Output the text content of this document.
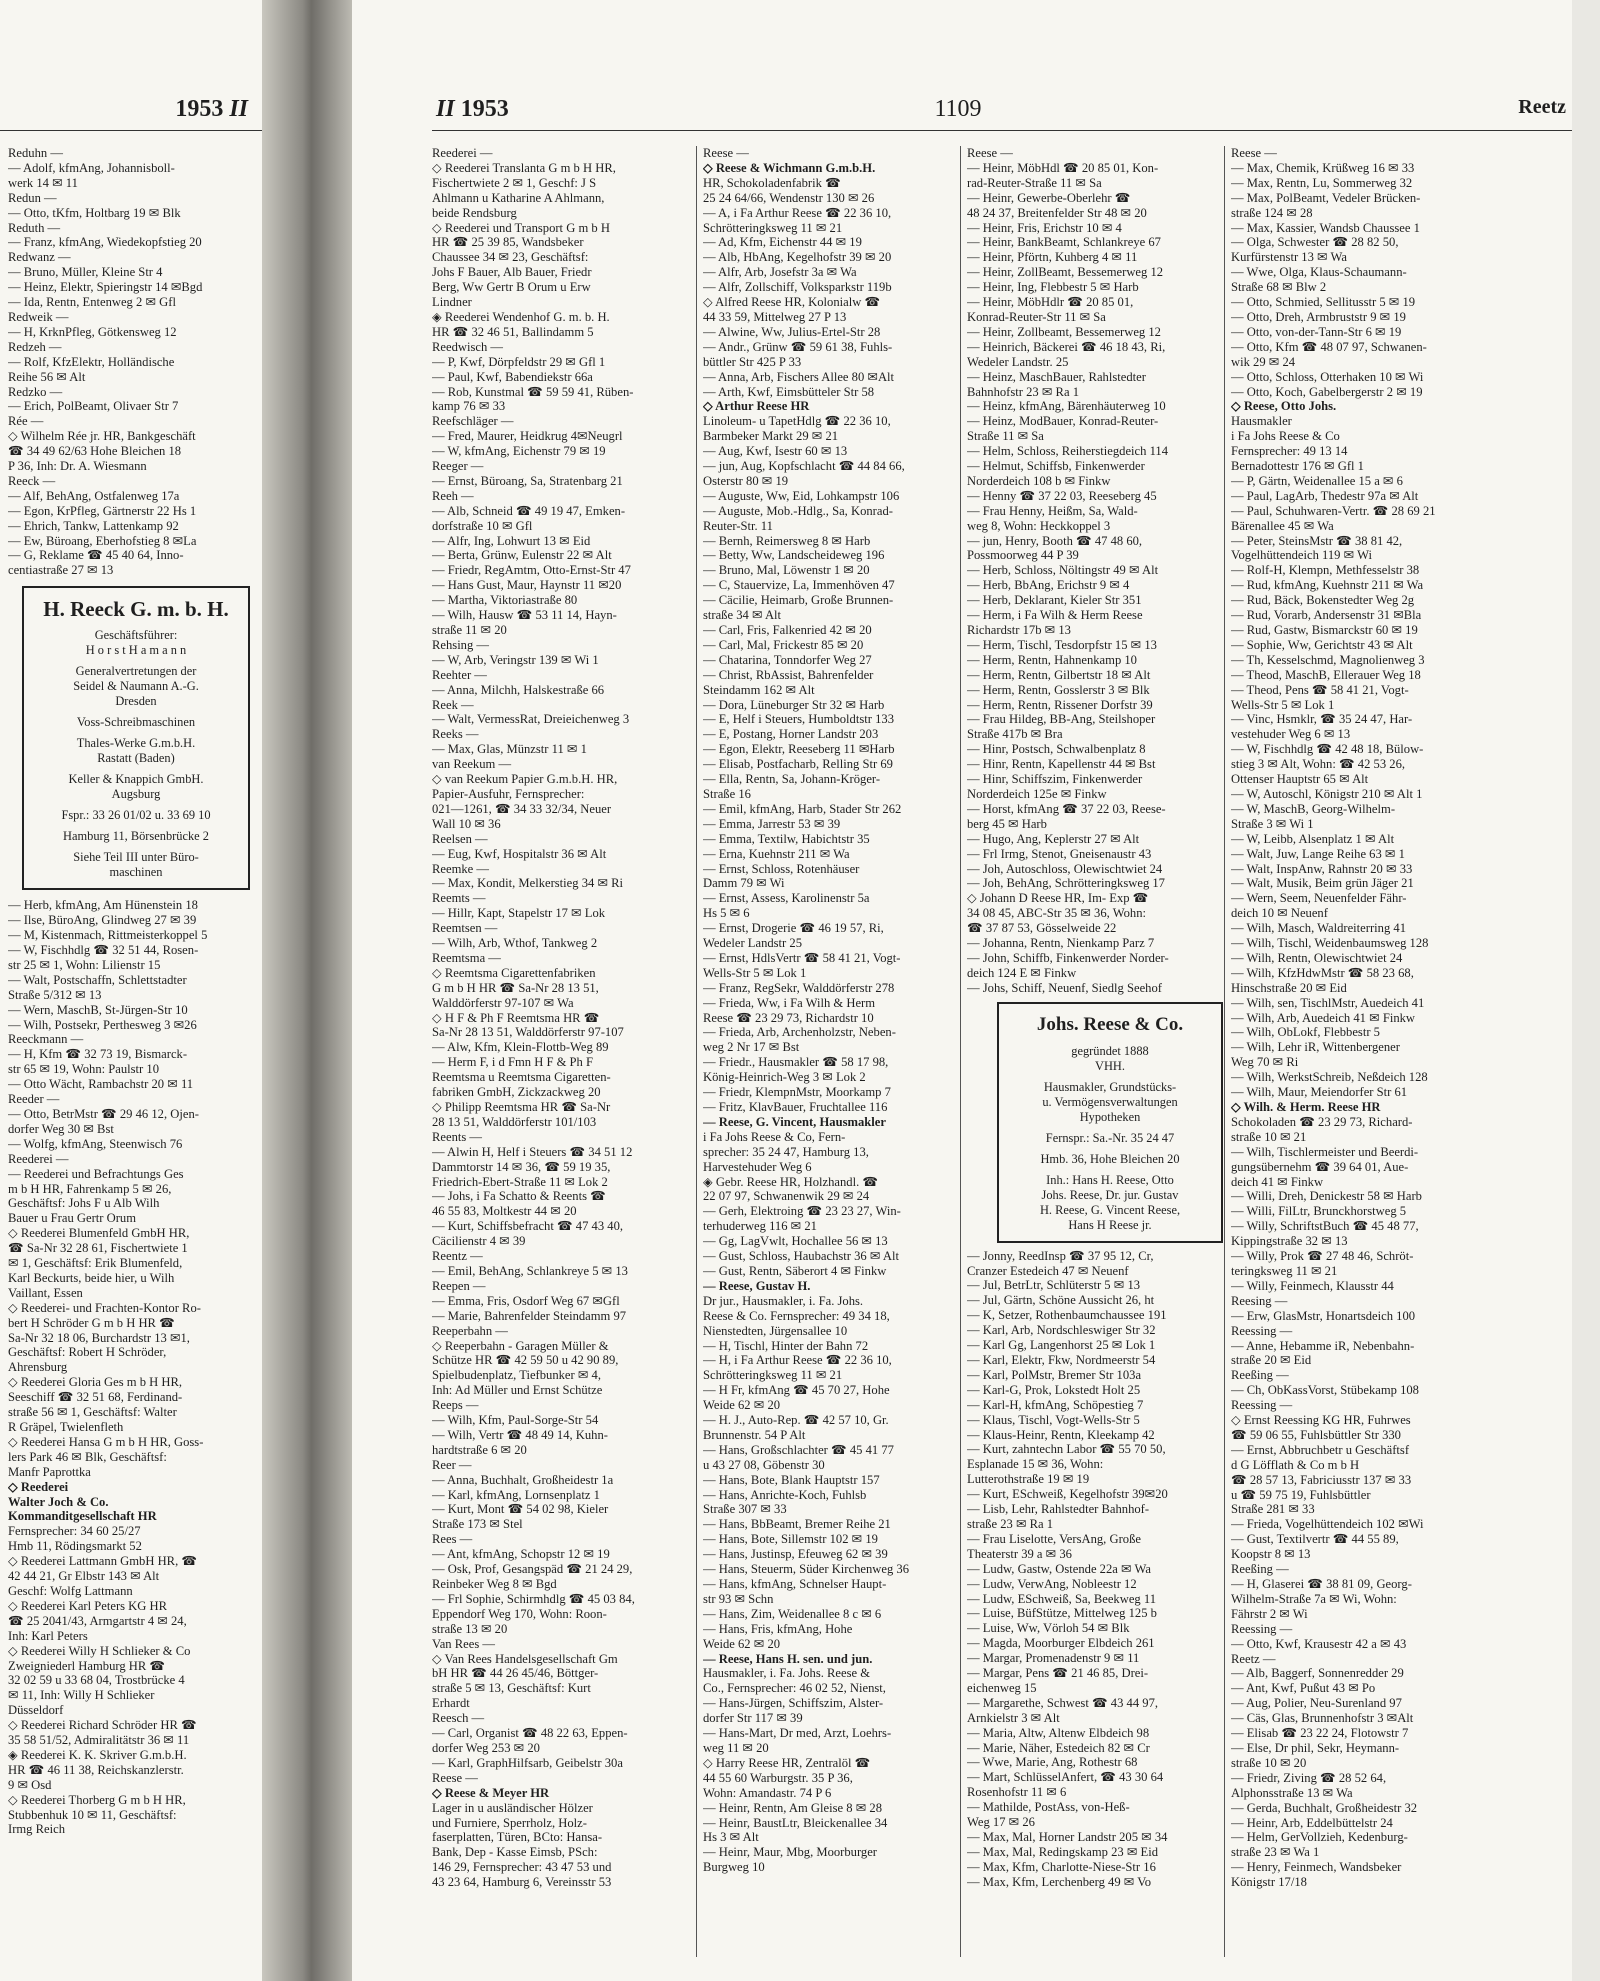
1953 II
Reduhn —
— Adolf, kfmAng, Johannisboll-
werk 14 ✉ 11
Redun —
— Otto, tKfm, Holtbarg 19 ✉ Blk
Reduth —
— Franz, kfmAng, Wiedekopfstieg 20
Redwanz —
— Bruno, Müller, Kleine Str 4
— Heinz, Elektr, Spieringstr 14 ✉Bgd
— Ida, Rentn, Entenweg 2 ✉ Gfl
Redweik —
— H, KrknPfleg, Götkensweg 12
Redzeh —
— Rolf, KfzElektr, Holländische
Reihe 56 ✉ Alt
Redzko —
— Erich, PolBeamt, Olivaer Str 7
Rée —
◇ Wilhelm Rée jr. HR, Bankgeschäft
☎ 34 49 62/63 Hohe Bleichen 18
P 36, Inh: Dr. A. Wiesmann
Reeck —
— Alf, BehAng, Ostfalenweg 17a
— Egon, KrPfleg, Gärtnerstr 22 Hs 1
— Ehrich, Tankw, Lattenkamp 92
— Ew, Büroang, Eberhofstieg 8 ✉La
— G, Reklame ☎ 45 40 64, Inno-
centiastraße 27 ✉ 13
H. Reeck G. m. b. H.
Geschäftsführer:
H o r s t H a m a n n
Generalvertretungen der
Seidel & Naumann A.-G.
Dresden
Voss-Schreibmaschinen
Thales-Werke G.m.b.H.
Rastatt (Baden)
Keller & Knappich GmbH.
Augsburg
Fspr.: 33 26 01/02 u. 33 69 10
Hamburg 11, Börsenbrücke 2
Siehe Teil III unter Büro-
maschinen
— Herb, kfmAng, Am Hünenstein 18
— Ilse, BüroAng, Glindweg 27 ✉ 39
— M, Kistenmach, Rittmeisterkoppel 5
— W, Fischhdlg ☎ 32 51 44, Rosen-
str 25 ✉ 1, Wohn: Lilienstr 15
— Walt, Postschaffn, Schlettstadter
Straße 5/312 ✉ 13
— Wern, MaschB, St-Jürgen-Str 10
— Wilh, Postsekr, Perthesweg 3 ✉26
Reeckmann —
— H, Kfm ☎ 32 73 19, Bismarck-
str 65 ✉ 19, Wohn: Paulstr 10
— Otto Wächt, Rambachstr 20 ✉ 11
Reeder —
— Otto, BetrMstr ☎ 29 46 12, Ojen-
dorfer Weg 30 ✉ Bst
— Wolfg, kfmAng, Steenwisch 76
Reederei —
— Reederei und Befrachtungs Ges
m b H HR, Fahrenkamp 5 ✉ 26,
Geschäftsf: Johs F u Alb Wilh
Bauer u Frau Gertr Orum
◇ Reederei Blumenfeld GmbH HR,
☎ Sa-Nr 32 28 61, Fischertwiete 1
✉ 1, Geschäftsf: Erik Blumenfeld,
Karl Beckurts, beide hier, u Wilh
Vaillant, Essen
◇ Reederei- und Frachten-Kontor Ro-
bert H Schröder G m b H HR ☎
Sa-Nr 32 18 06, Burchardstr 13 ✉1,
Geschäftsf: Robert H Schröder,
Ahrensburg
◇ Reederei Gloria Ges m b H HR,
Seeschiff ☎ 32 51 68, Ferdinand-
straße 56 ✉ 1, Geschäftsf: Walter
R Gräpel, Twielenfleth
◇ Reederei Hansa G m b H HR, Goss-
lers Park 46 ✉ Blk, Geschäftsf:
Manfr Paprottka
◇ Reederei
Walter Joch & Co.
Kommanditgesellschaft HR
Fernsprecher: 34 60 25/27
Hmb 11, Rödingsmarkt 52
◇ Reederei Lattmann GmbH HR, ☎
42 44 21, Gr Elbstr 143 ✉ Alt
Geschf: Wolfg Lattmann
◇ Reederei Karl Peters KG HR
☎ 25 2041/43, Armgartstr 4 ✉ 24,
Inh: Karl Peters
◇ Reederei Willy H Schlieker & Co
Zweigniederl Hamburg HR ☎
32 02 59 u 33 68 04, Trostbrücke 4
✉ 11, Inh: Willy H Schlieker
Düsseldorf
◇ Reederei Richard Schröder HR ☎
35 58 51/52, Admiralitätstr 36 ✉ 11
◈ Reederei K. K. Skriver G.m.b.H.
HR ☎ 46 11 38, Reichskanzlerstr.
9 ✉ Osd
◇ Reederei Thorberg G m b H HR,
Stubbenhuk 10 ✉ 11, Geschäftsf:
Irmg Reich
II 1953	1109	Reetz
Reederei —
◇ Reederei Translanta G m b H HR,
Fischertwiete 2 ✉ 1, Geschf: J S
Ahlmann u Katharine A Ahlmann,
beide Rendsburg
◇ Reederei und Transport G m b H
HR ☎ 25 39 85, Wandsbeker
Chaussee 34 ✉ 23, Geschäftsf:
Johs F Bauer, Alb Bauer, Friedr
Berg, Ww Gertr B Orum u Erw
Lindner
◈ Reederei Wendenhof G. m. b. H.
HR ☎ 32 46 51, Ballindamm 5
Reedwisch —
— P, Kwf, Dörpfeldstr 29 ✉ Gfl 1
— Paul, Kwf, Babendiekstr 66a
— Rob, Kunstmal ☎ 59 59 41, Rüben-
kamp 76 ✉ 33
Reefschläger —
— Fred, Maurer, Heidkrug 4✉Neugrl
— W, kfmAng, Eichenstr 79 ✉ 19
Reeger —
— Ernst, Büroang, Sa, Stratenbarg 21
Reeh —
— Alb, Schneid ☎ 49 19 47, Emken-
dorfstraße 10 ✉ Gfl
— Alfr, Ing, Lohwurt 13 ✉ Eid
— Berta, Grünw, Eulenstr 22 ✉ Alt
— Friedr, RegAmtm, Otto-Ernst-Str 47
— Hans Gust, Maur, Haynstr 11 ✉20
— Martha, Viktoriastraße 80
— Wilh, Hausw ☎ 53 11 14, Hayn-
straße 11 ✉ 20
Rehsing —
— W, Arb, Veringstr 139 ✉ Wi 1
Reehter —
— Anna, Milchh, Halskestraße 66
Reek —
— Walt, VermessRat, Dreieichenweg 3
Reeks —
— Max, Glas, Münzstr 11 ✉ 1
van Reekum —
◇ van Reekum Papier G.m.b.H. HR,
Papier-Ausfuhr, Fernsprecher:
021—1261, ☎ 34 33 32/34, Neuer
Wall 10 ✉ 36
Reelsen —
— Eug, Kwf, Hospitalstr 36 ✉ Alt
Reemke —
— Max, Kondit, Melkerstieg 34 ✉ Ri
Reemts —
— Hillr, Kapt, Stapelstr 17 ✉ Lok
Reemtsen —
— Wilh, Arb, Wthof, Tankweg 2
Reemtsma —
◇ Reemtsma Cigarettenfabriken
G m b H HR ☎ Sa-Nr 28 13 51,
Walddörferstr 97-107 ✉ Wa
◇ H F & Ph F Reemtsma HR ☎
Sa-Nr 28 13 51, Walddörferstr 97-107
— Alw, Kfm, Klein-Flottb-Weg 89
— Herm F, i d Fmn H F & Ph F
Reemtsma u Reemtsma Cigaretten-
fabriken GmbH, Zickzackweg 20
◇ Philipp Reemtsma HR ☎ Sa-Nr
28 13 51, Walddörferstr 101/103
Reents —
— Alwin H, Helf i Steuers ☎ 34 51 12
Dammtorstr 14 ✉ 36, ☎ 59 19 35,
Friedrich-Ebert-Straße 11 ✉ Lok 2
— Johs, i Fa Schatto & Reents ☎
46 55 83, Moltkestr 44 ✉ 20
— Kurt, Schiffsbefracht ☎ 47 43 40,
Cäcilienstr 4 ✉ 39
Reentz —
— Emil, BehAng, Schlankreye 5 ✉ 13
Reepen —
— Emma, Fris, Osdorf Weg 67 ✉Gfl
— Marie, Bahrenfelder Steindamm 97
Reeperbahn —
◇ Reeperbahn - Garagen Müller &
Schütze HR ☎ 42 59 50 u 42 90 89,
Spielbudenplatz, Tiefbunker ✉ 4,
Inh: Ad Müller und Ernst Schütze
Reeps —
— Wilh, Kfm, Paul-Sorge-Str 54
— Wilh, Vertr ☎ 48 49 14, Kuhn-
hardtstraße 6 ✉ 20
Reer —
— Anna, Buchhalt, Großheidestr 1a
— Karl, kfmAng, Lornsenplatz 1
— Kurt, Mont ☎ 54 02 98, Kieler
Straße 173 ✉ Stel
Rees —
— Ant, kfmAng, Schopstr 12 ✉ 19
— Osk, Prof, Gesangspäd ☎ 21 24 29,
Reinbeker Weg 8 ✉ Bgd
— Frl Sophie, Schirmhdlg ☎ 45 03 84,
Eppendorf Weg 170, Wohn: Roon-
straße 13 ✉ 20
Van Rees —
◇ Van Rees Handelsgesellschaft Gm
bH HR ☎ 44 26 45/46, Böttger-
straße 5 ✉ 13, Geschäftsf: Kurt
Erhardt
Reesch —
— Carl, Organist ☎ 48 22 63, Eppen-
dorfer Weg 253 ✉ 20
— Karl, GraphHilfsarb, Geibelstr 30a
Reese —
◇ Reese & Meyer HR
Lager in u ausländischer Hölzer
und Furniere, Sperrholz, Holz-
faserplatten, Türen, BCto: Hansa-
Bank, Dep - Kasse Eimsb, PSch:
146 29, Fernsprecher: 43 47 53 und
43 23 64, Hamburg 6, Vereinsstr 53
Reese —
◇ Reese & Wichmann G.m.b.H.
HR, Schokoladenfabrik ☎
25 24 64/66, Wendenstr 130 ✉ 26
— A, i Fa Arthur Reese ☎ 22 36 10,
Schrötteringksweg 11 ✉ 21
— Ad, Kfm, Eichenstr 44 ✉ 19
— Alb, HbAng, Kegelhofstr 39 ✉ 20
— Alfr, Arb, Josefstr 3a ✉ Wa
— Alfr, Zollschiff, Volksparkstr 119b
◇ Alfred Reese HR, Kolonialw ☎
44 33 59, Mittelweg 27 P 13
— Alwine, Ww, Julius-Ertel-Str 28
— Andr., Grünw ☎ 59 61 38, Fuhls-
büttler Str 425 P 33
— Anna, Arb, Fischers Allee 80 ✉Alt
— Arth, Kwf, Eimsbütteler Str 58
◇ Arthur Reese HR
Linoleum- u TapetHdlg ☎ 22 36 10,
Barmbeker Markt 29 ✉ 21
— Aug, Kwf, Isestr 60 ✉ 13
— jun, Aug, Kopfschlacht ☎ 44 84 66,
Osterstr 80 ✉ 19
— Auguste, Ww, Eid, Lohkampstr 106
— Auguste, Mob.-Hdlg., Sa, Konrad-
Reuter-Str. 11
— Bernh, Reimersweg 8 ✉ Harb
— Betty, Ww, Landscheideweg 196
— Bruno, Mal, Löwenstr 1 ✉ 20
— C, Stauervize, La, Immenhöven 47
— Cäcilie, Heimarb, Große Brunnen-
straße 34 ✉ Alt
— Carl, Fris, Falkenried 42 ✉ 20
— Carl, Mal, Frickestr 85 ✉ 20
— Chatarina, Tonndorfer Weg 27
— Christ, RbAssist, Bahrenfelder
Steindamm 162 ✉ Alt
— Dora, Lüneburger Str 32 ✉ Harb
— E, Helf i Steuers, Humboldtstr 133
— E, Postang, Horner Landstr 203
— Egon, Elektr, Reeseberg 11 ✉Harb
— Elisab, Postfacharb, Relling Str 69
— Ella, Rentn, Sa, Johann-Kröger-
Straße 16
— Emil, kfmAng, Harb, Stader Str 262
— Emma, Jarrestr 53 ✉ 39
— Emma, Textilw, Habichtstr 35
— Erna, Kuehnstr 211 ✉ Wa
— Ernst, Schloss, Rotenhäuser
Damm 79 ✉ Wi
— Ernst, Assess, Karolinenstr 5a
Hs 5 ✉ 6
— Ernst, Drogerie ☎ 46 19 57, Ri,
Wedeler Landstr 25
— Ernst, HdlsVertr ☎ 58 41 21, Vogt-
Wells-Str 5 ✉ Lok 1
— Franz, RegSekr, Walddörferstr 278
— Frieda, Ww, i Fa Wilh & Herm
Reese ☎ 23 29 73, Richardstr 10
— Frieda, Arb, Archenholzstr, Neben-
weg 2 Nr 17 ✉ Bst
— Friedr., Hausmakler ☎ 58 17 98,
König-Heinrich-Weg 3 ✉ Lok 2
— Friedr, KlempnMstr, Moorkamp 7
— Fritz, KlavBauer, Fruchtallee 116
— Reese, G. Vincent, Hausmakler
i Fa Johs Reese & Co, Fern-
sprecher: 35 24 47, Hamburg 13,
Harvestehuder Weg 6
◈ Gebr. Reese HR, Holzhandl. ☎
22 07 97, Schwanenwik 29 ✉ 24
— Gerh, Elektroing ☎ 23 23 27, Win-
terhuderweg 116 ✉ 21
— Gg, LagVwlt, Hochallee 56 ✉ 13
— Gust, Schloss, Haubachstr 36 ✉ Alt
— Gust, Rentn, Säberort 4 ✉ Finkw
— Reese, Gustav H.
Dr jur., Hausmakler, i. Fa. Johs.
Reese & Co. Fernsprecher: 49 34 18,
Nienstedten, Jürgensallee 10
— H, Tischl, Hinter der Bahn 72
— H, i Fa Arthur Reese ☎ 22 36 10,
Schrötteringksweg 11 ✉ 21
— H Fr, kfmAng ☎ 45 70 27, Hohe
Weide 62 ✉ 20
— H. J., Auto-Rep. ☎ 42 57 10, Gr.
Brunnenstr. 54 P Alt
— Hans, Großschlachter ☎ 45 41 77
u 43 27 08, Göbenstr 30
— Hans, Bote, Blank Hauptstr 157
— Hans, Anrichte-Koch, Fuhlsb
Straße 307 ✉ 33
— Hans, BbBeamt, Bremer Reihe 21
— Hans, Bote, Sillemstr 102 ✉ 19
— Hans, Justinsp, Efeuweg 62 ✉ 39
— Hans, Steuerm, Süder Kirchenweg 36
— Hans, kfmAng, Schnelser Haupt-
str 93 ✉ Schn
— Hans, Zim, Weidenallee 8 c ✉ 6
— Hans, Fris, kfmAng, Hohe
Weide 62 ✉ 20
— Reese, Hans H. sen. und jun.
Hausmakler, i. Fa. Johs. Reese &
Co., Fernsprecher: 46 02 52, Nienst,
— Hans-Jürgen, Schiffszim, Alster-
dorfer Str 117 ✉ 39
— Hans-Mart, Dr med, Arzt, Loehrs-
weg 11 ✉ 20
◇ Harry Reese HR, Zentralöl ☎
44 55 60 Warburgstr. 35 P 36,
Wohn: Amandastr. 74 P 6
— Heinr, Rentn, Am Gleise 8 ✉ 28
— Heinr, BaustLtr, Bleickenallee 34
Hs 3 ✉ Alt
— Heinr, Maur, Mbg, Moorburger
Burgweg 10
Reese —
— Heinr, MöbHdl ☎ 20 85 01, Kon-
rad-Reuter-Straße 11 ✉ Sa
— Heinr, Gewerbe-Oberlehr ☎
48 24 37, Breitenfelder Str 48 ✉ 20
— Heinr, Fris, Erichstr 10 ✉ 4
— Heinr, BankBeamt, Schlankreye 67
— Heinr, Pförtn, Kuhberg 4 ✉ 11
— Heinr, ZollBeamt, Bessemerweg 12
— Heinr, Ing, Flebbestr 5 ✉ Harb
— Heinr, MöbHdlr ☎ 20 85 01,
Konrad-Reuter-Str 11 ✉ Sa
— Heinr, Zollbeamt, Bessemerweg 12
— Heinrich, Bäckerei ☎ 46 18 43, Ri,
Wedeler Landstr. 25
— Heinz, MaschBauer, Rahlstedter
Bahnhofstr 23 ✉ Ra 1
— Heinz, kfmAng, Bärenhäuterweg 10
— Heinz, ModBauer, Konrad-Reuter-
Straße 11 ✉ Sa
— Helm, Schloss, Reiherstiegdeich 114
— Helmut, Schiffsb, Finkenwerder
Norderdeich 108 b ✉ Finkw
— Henny ☎ 37 22 03, Reeseberg 45
— Frau Henny, Heißm, Sa, Wald-
weg 8, Wohn: Heckkoppel 3
— jun, Henry, Booth ☎ 47 48 60,
Possmoorweg 44 P 39
— Herb, Schloss, Nöltingstr 49 ✉ Alt
— Herb, BbAng, Erichstr 9 ✉ 4
— Herb, Deklarant, Kieler Str 351
— Herm, i Fa Wilh & Herm Reese
Richardstr 17b ✉ 13
— Herm, Tischl, Tesdorpfstr 15 ✉ 13
— Herm, Rentn, Hahnenkamp 10
— Herm, Rentn, Gilbertstr 18 ✉ Alt
— Herm, Rentn, Gosslerstr 3 ✉ Blk
— Herm, Rentn, Rissener Dorfstr 39
— Frau Hildeg, BB-Ang, Steilshoper
Straße 417b ✉ Bra
— Hinr, Postsch, Schwalbenplatz 8
— Hinr, Rentn, Kapellenstr 44 ✉ Bst
— Hinr, Schiffszim, Finkenwerder
Norderdeich 125e ✉ Finkw
— Horst, kfmAng ☎ 37 22 03, Reese-
berg 45 ✉ Harb
— Hugo, Ang, Keplerstr 27 ✉ Alt
— Frl Irmg, Stenot, Gneisenaustr 43
— Joh, Autoschloss, Olewischtwiet 24
— Joh, BehAng, Schrötteringksweg 17
◇ Johann D Reese HR, Im- Exp ☎
34 08 45, ABC-Str 35 ✉ 36, Wohn:
☎ 37 87 53, Gösselweide 22
— Johanna, Rentn, Nienkamp Parz 7
— John, Schiffb, Finkenwerder Norder-
deich 124 E ✉ Finkw
— Johs, Schiff, Neuenf, Siedlg Seehof
Johs. Reese & Co.
gegründet 1888
VHH.
Hausmakler, Grundstücks-
u. Vermögensverwaltungen
Hypotheken
Fernspr.: Sa.-Nr. 35 24 47
Hmb. 36, Hohe Bleichen 20
Inh.: Hans H. Reese, Otto
Johs. Reese, Dr. jur. Gustav
H. Reese, G. Vincent Reese,
Hans H Reese jr.
— Jonny, ReedInsp ☎ 37 95 12, Cr,
Cranzer Estedeich 47 ✉ Neuenf
— Jul, BetrLtr, Schlüterstr 5 ✉ 13
— Jul, Gärtn, Schöne Aussicht 26, ht
— K, Setzer, Rothenbaumchaussee 191
— Karl, Arb, Nordschleswiger Str 32
— Karl Gg, Langenhorst 25 ✉ Lok 1
— Karl, Elektr, Fkw, Nordmeerstr 54
— Karl, PolMstr, Bremer Str 103a
— Karl-G, Prok, Lokstedt Holt 25
— Karl-H, kfmAng, Schöpestieg 7
— Klaus, Tischl, Vogt-Wells-Str 5
— Klaus-Heinr, Rentn, Kleekamp 42
— Kurt, zahntechn Labor ☎ 55 70 50,
Esplanade 15 ✉ 36, Wohn:
Lutterothstraße 19 ✉ 19
— Kurt, ESchweiß, Kegelhofstr 39✉20
— Lisb, Lehr, Rahlstedter Bahnhof-
straße 23 ✉ Ra 1
— Frau Liselotte, VersAng, Große
Theaterstr 39 a ✉ 36
— Ludw, Gastw, Ostende 22a ✉ Wa
— Ludw, VerwAng, Nobleestr 12
— Ludw, ESchweiß, Sa, Beekweg 11
— Luise, BüfStütze, Mittelweg 125 b
— Luise, Ww, Vörloh 54 ✉ Blk
— Magda, Moorburger Elbdeich 261
— Margar, Promenadenstr 9 ✉ 11
— Margar, Pens ☎ 21 46 85, Drei-
eichenweg 15
— Margarethe, Schwest ☎ 43 44 97,
Arnkielstr 3 ✉ Alt
— Maria, Altw, Altenw Elbdeich 98
— Marie, Näher, Estedeich 82 ✉ Cr
— Wwe, Marie, Ang, Rothestr 68
— Mart, SchlüsselAnfert, ☎ 43 30 64
Rosenhofstr 11 ✉ 6
— Mathilde, PostAss, von-Heß-
Weg 17 ✉ 26
— Max, Mal, Horner Landstr 205 ✉ 34
— Max, Mal, Redingskamp 23 ✉ Eid
— Max, Kfm, Charlotte-Niese-Str 16
— Max, Kfm, Lerchenberg 49 ✉ Vo
Reese —
— Max, Chemik, Krüßweg 16 ✉ 33
— Max, Rentn, Lu, Sommerweg 32
— Max, PolBeamt, Vedeler Brücken-
straße 124 ✉ 28
— Max, Kassier, Wandsb Chaussee 1
— Olga, Schwester ☎ 28 82 50,
Kurfürstenstr 13 ✉ Wa
— Wwe, Olga, Klaus-Schaumann-
Straße 68 ✉ Blw 2
— Otto, Schmied, Sellitusstr 5 ✉ 19
— Otto, Dreh, Armbruststr 9 ✉ 19
— Otto, von-der-Tann-Str 6 ✉ 19
— Otto, Kfm ☎ 48 07 97, Schwanen-
wik 29 ✉ 24
— Otto, Schloss, Otterhaken 10 ✉ Wi
— Otto, Koch, Gabelbergerstr 2 ✉ 19
◇ Reese, Otto Johs.
Hausmakler
i Fa Johs Reese & Co
Fernsprecher: 49 13 14
Bernadottestr 176 ✉ Gfl 1
— P, Gärtn, Weidenallee 15 a ✉ 6
— Paul, LagArb, Thedestr 97a ✉ Alt
— Paul, Schuhwaren-Vertr. ☎ 28 69 21
Bärenallee 45 ✉ Wa
— Peter, SteinsMstr ☎ 38 81 42,
Vogelhüttendeich 119 ✉ Wi
— Rolf-H, Klempn, Methfesselstr 38
— Rud, kfmAng, Kuehnstr 211 ✉ Wa
— Rud, Bäck, Bokenstedter Weg 2g
— Rud, Vorarb, Andersenstr 31 ✉Bla
— Rud, Gastw, Bismarckstr 60 ✉ 19
— Sophie, Ww, Gerichtstr 43 ✉ Alt
— Th, Kesselschmd, Magnolienweg 3
— Theod, MaschB, Ellerauer Weg 18
— Theod, Pens ☎ 58 41 21, Vogt-
Wells-Str 5 ✉ Lok 1
— Vinc, Hsmklr, ☎ 35 24 47, Har-
vestehuder Weg 6 ✉ 13
— W, Fischhdlg ☎ 42 48 18, Bülow-
stieg 3 ✉ Alt, Wohn: ☎ 42 53 26,
Ottenser Hauptstr 65 ✉ Alt
— W, Autoschl, Königstr 210 ✉ Alt 1
— W, MaschB, Georg-Wilhelm-
Straße 3 ✉ Wi 1
— W, Leibb, Alsenplatz 1 ✉ Alt
— Walt, Juw, Lange Reihe 63 ✉ 1
— Walt, InspAnw, Rahnstr 20 ✉ 33
— Walt, Musik, Beim grün Jäger 21
— Wern, Seem, Neuenfelder Fähr-
deich 10 ✉ Neuenf
— Wilh, Masch, Waldreiterring 41
— Wilh, Tischl, Weidenbaumsweg 128
— Wilh, Rentn, Olewischtwiet 24
— Wilh, KfzHdwMstr ☎ 58 23 68,
Hinschstraße 20 ✉ Eid
— Wilh, sen, TischlMstr, Auedeich 41
— Wilh, Arb, Auedeich 41 ✉ Finkw
— Wilh, ObLokf, Flebbestr 5
— Wilh, Lehr iR, Wittenbergener
Weg 70 ✉ Ri
— Wilh, WerkstSchreib, Neßdeich 128
— Wilh, Maur, Meiendorfer Str 61
◇ Wilh. & Herm. Reese HR
Schokoladen ☎ 23 29 73, Richard-
straße 10 ✉ 21
— Wilh, Tischlermeister und Beerdi-
gungsübernehm ☎ 39 64 01, Aue-
deich 41 ✉ Finkw
— Willi, Dreh, Denickestr 58 ✉ Harb
— Willi, FilLtr, Brunckhorstweg 5
— Willy, SchriftstBuch ☎ 45 48 77,
Kippingstraße 32 ✉ 13
— Willy, Prok ☎ 27 48 46, Schröt-
teringksweg 11 ✉ 21
— Willy, Feinmech, Klausstr 44
Reesing —
— Erw, GlasMstr, Honartsdeich 100
Reessing —
— Anne, Hebamme iR, Nebenbahn-
straße 20 ✉ Eid
Reeßing —
— Ch, ObKassVorst, Stübekamp 108
Reessing —
◇ Ernst Reessing KG HR, Fuhrwes
☎ 59 06 55, Fuhlsbüttler Str 330
— Ernst, Abbruchbetr u Geschäftsf
d G Löfflath & Co m b H
☎ 28 57 13, Fabriciusstr 137 ✉ 33
u ☎ 59 75 19, Fuhlsbüttler
Straße 281 ✉ 33
— Frieda, Vogelhüttendeich 102 ✉Wi
— Gust, Textilvertr ☎ 44 55 89,
Koopstr 8 ✉ 13
Reeßing —
— H, Glaserei ☎ 38 81 09, Georg-
Wilhelm-Straße 7a ✉ Wi, Wohn:
Fährstr 2 ✉ Wi
Reessing —
— Otto, Kwf, Krausestr 42 a ✉ 43
Reetz —
— Alb, Baggerf, Sonnenredder 29
— Ant, Kwf, Pußut 43 ✉ Po
— Aug, Polier, Neu-Surenland 97
— Cäs, Glas, Brunnenhofstr 3 ✉Alt
— Elisab ☎ 23 22 24, Flotowstr 7
— Else, Dr phil, Sekr, Heymann-
straße 10 ✉ 20
— Friedr, Ziving ☎ 28 52 64,
Alphonsstraße 13 ✉ Wa
— Gerda, Buchhalt, Großheidestr 32
— Heinr, Arb, Eddelbüttelstr 24
— Helm, GerVollzieh, Kedenburg-
straße 23 ✉ Wa 1
— Henry, Feinmech, Wandsbeker
Königstr 17/18
